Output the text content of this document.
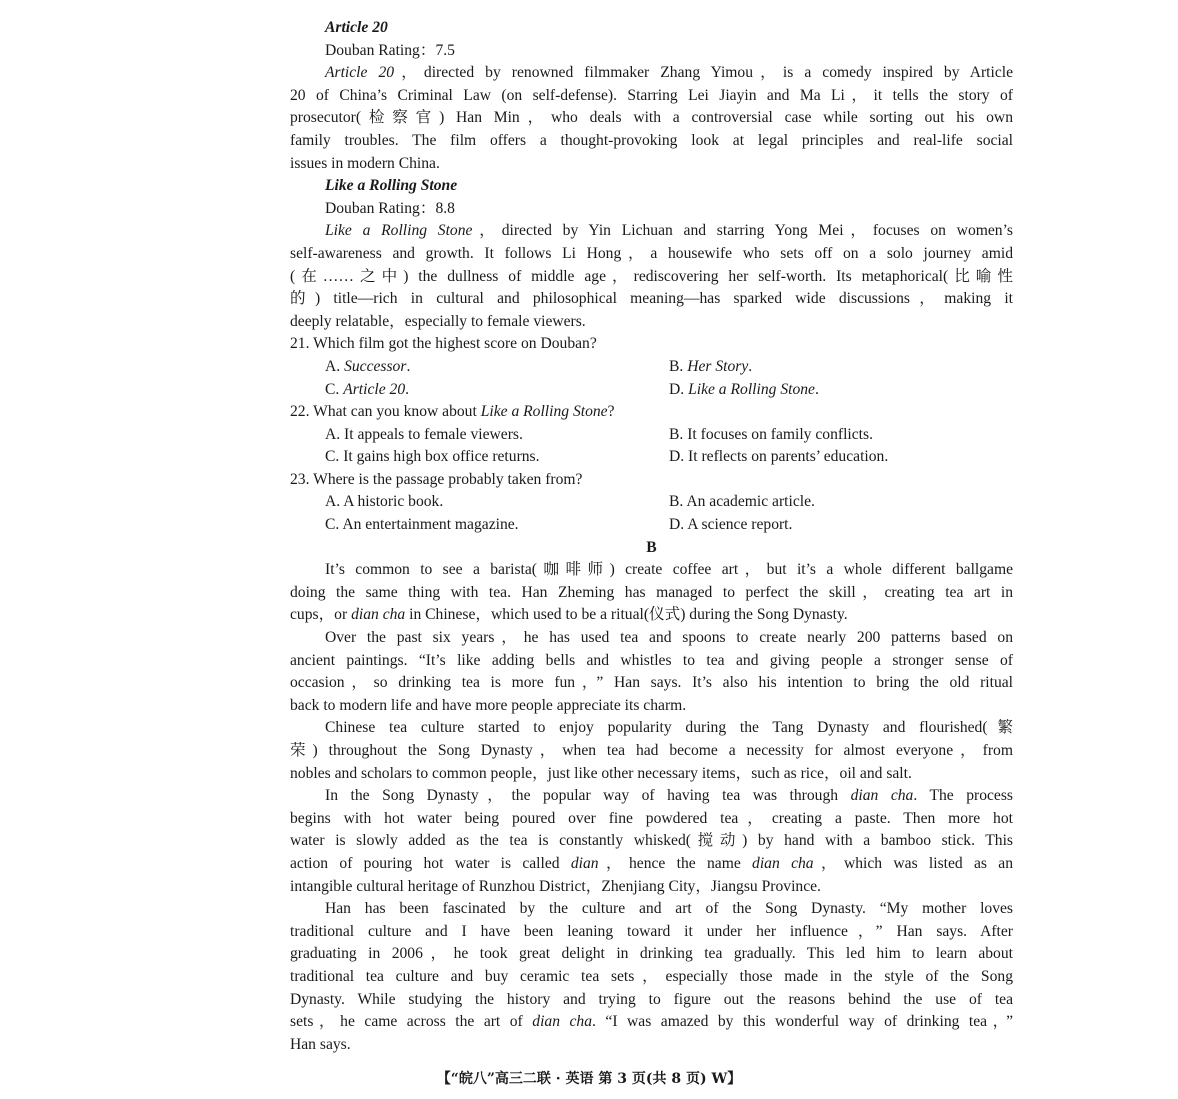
Article 20
Douban Rating：7.5
Article 20，directed by renowned filmmaker Zhang Yimou，is a comedy inspired by Article
20 of China’s Criminal Law (on self-defense). Starring Lei Jiayin and Ma Li，it tells the story of
prosecutor(检察官) Han Min，who deals with a controversial case while sorting out his own
family troubles. The film offers a thought-provoking look at legal principles and real-life social
issues in modern China.
Like a Rolling Stone
Douban Rating：8.8
Like a Rolling Stone，directed by Yin Lichuan and starring Yong Mei，focuses on women’s
self-awareness and growth. It follows Li Hong，a housewife who sets off on a solo journey amid
(在……之中) the dullness of middle age，rediscovering her self-worth. Its metaphorical(比喻性
的) title—rich in cultural and philosophical meaning—has sparked wide discussions，making it
deeply relatable，especially to female viewers.
21. Which film got the highest score on Douban?
A. Successor.	B. Her Story.
C. Article 20.	D. Like a Rolling Stone.
22. What can you know about Like a Rolling Stone?
A. It appeals to female viewers.	B. It focuses on family conflicts.
C. It gains high box office returns.	D. It reflects on parents’ education.
23. Where is the passage probably taken from?
A. A historic book.	B. An academic article.
C. An entertainment magazine.	D. A science report.
B
It’s common to see a barista(咖啡师) create coffee art，but it’s a whole different ballgame
doing the same thing with tea. Han Zheming has managed to perfect the skill，creating tea art in
cups，or dian cha in Chinese，which used to be a ritual(仪式) during the Song Dynasty.
Over the past six years，he has used tea and spoons to create nearly 200 patterns based on
ancient paintings. “It’s like adding bells and whistles to tea and giving people a stronger sense of
occasion，so drinking tea is more fun，” Han says. It’s also his intention to bring the old ritual
back to modern life and have more people appreciate its charm.
Chinese tea culture started to enjoy popularity during the Tang Dynasty and flourished(繁
荣) throughout the Song Dynasty，when tea had become a necessity for almost everyone，from
nobles and scholars to common people，just like other necessary items，such as rice，oil and salt.
In the Song Dynasty，the popular way of having tea was through dian cha. The process
begins with hot water being poured over fine powdered tea，creating a paste. Then more hot
water is slowly added as the tea is constantly whisked(搅动) by hand with a bamboo stick. This
action of pouring hot water is called dian，hence the name dian cha，which was listed as an
intangible cultural heritage of Runzhou District，Zhenjiang City，Jiangsu Province.
Han has been fascinated by the culture and art of the Song Dynasty. “My mother loves
traditional culture and I have been leaning toward it under her influence，” Han says. After
graduating in 2006，he took great delight in drinking tea gradually. This led him to learn about
traditional tea culture and buy ceramic tea sets，especially those made in the style of the Song
Dynasty. While studying the history and trying to figure out the reasons behind the use of tea
sets，he came across the art of dian cha. “I was amazed by this wonderful way of drinking tea，”
Han says.
【“皖八”高三二联 · 英语 第 3 页(共 8 页) W】
